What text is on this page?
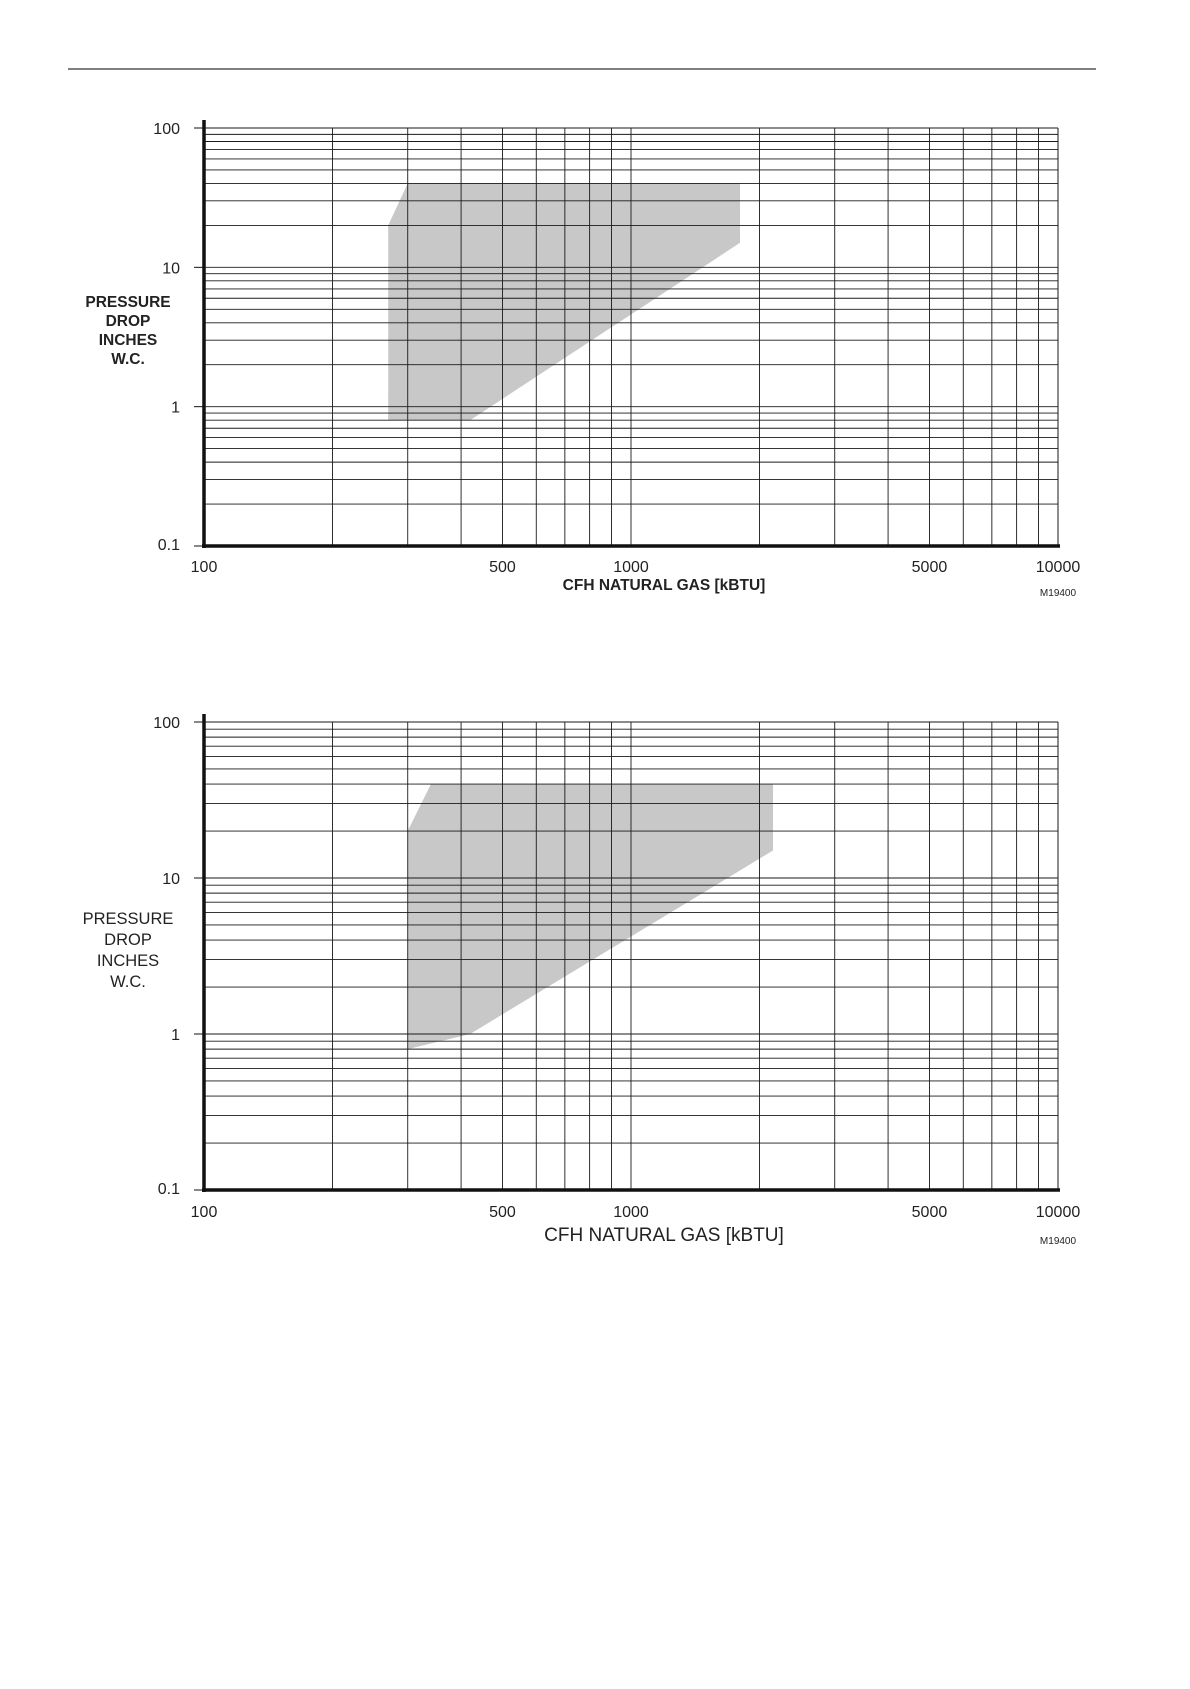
100
10
1
0.1
100	500	1000	5000	10000
PRESSURE
DROP
INCHES
W.C.
CFH NATURAL GAS [kBTU]	M19400
100
10
1
0.1
100	500	1000	5000	10000
PRESSURE
DROP
INCHES
W.C.
CFH NATURAL GAS [kBTU]	M19400
